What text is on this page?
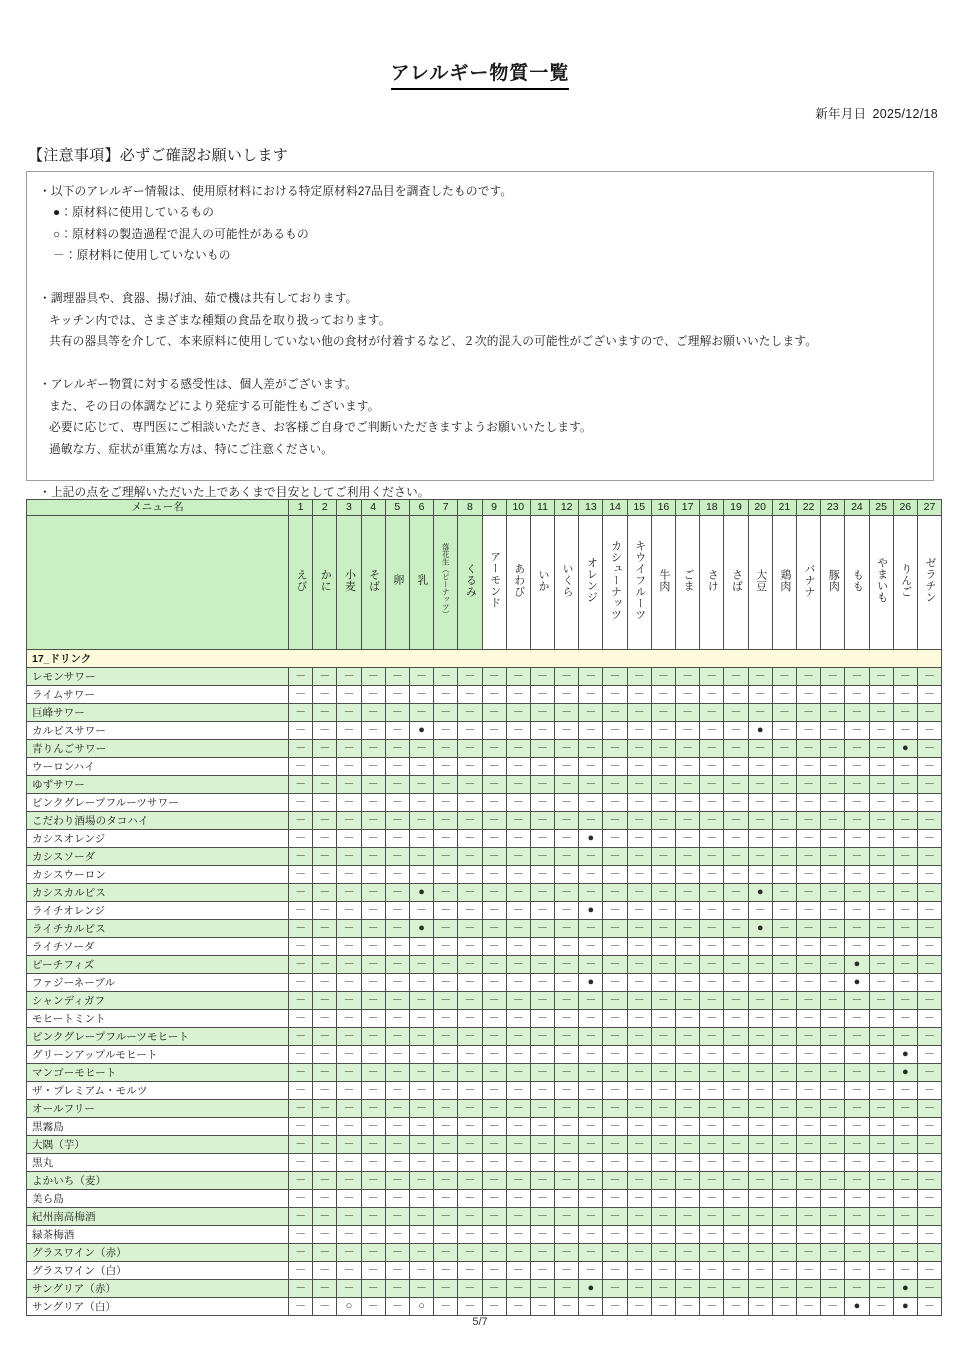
アレルギー物質一覧
新年月日 2025/12/18
【注意事項】必ずご確認お願いします
・以下のアレルギー情報は、使用原材料における特定原材料27品目を調査したものです。
●：原材料に使用しているもの
○：原材料の製造過程で混入の可能性があるもの
－：原材料に使用していないもの
・調理器具や、食器、揚げ油、茹で機は共有しております。
キッチン内では、さまざまな種類の食品を取り扱っております。
共有の器具等を介して、本来原料に使用していない他の食材が付着するなど、２次的混入の可能性がございますので、ご理解お願いいたします。
・アレルギー物質に対する感受性は、個人差がございます。
また、その日の体調などにより発症する可能性もございます。
必要に応じて、専門医にご相談いただき、お客様ご自身でご判断いただきますようお願いいたします。
過敏な方、症状が重篤な方は、特にご注意ください。
・上記の点をご理解いただいた上であくまで目安としてご利用ください。
メニュー名	1	2	3	4	5	6	7	8	9	10	11	12	13	14	15	16	17	18	19	20	21	22	23	24	25	26	27
	えび	かに	小麦	そば	卵	乳	落花生（ピーナッツ）	くるみ	アーモンド	あわび	いか	いくら	オレンジ	カシューナッツ	キウイフルーツ	牛肉	ごま	さけ	さば	大豆	鶏肉	バナナ	豚肉	もも	やまいも	りんご	ゼラチン
17_ドリンク																											
レモンサワー	－	－	－	－	－	－	－	－	－	－	－	－	－	－	－	－	－	－	－	－	－	－	－	－	－	－	－
ライムサワー	－	－	－	－	－	－	－	－	－	－	－	－	－	－	－	－	－	－	－	－	－	－	－	－	－	－	－
巨峰サワー	－	－	－	－	－	－	－	－	－	－	－	－	－	－	－	－	－	－	－	－	－	－	－	－	－	－	－
カルピスサワー	－	－	－	－	－	●	－	－	－	－	－	－	－	－	－	－	－	－	－	●	－	－	－	－	－	－	－
青りんごサワー	－	－	－	－	－	－	－	－	－	－	－	－	－	－	－	－	－	－	－	－	－	－	－	－	－	●	－
ウーロンハイ	－	－	－	－	－	－	－	－	－	－	－	－	－	－	－	－	－	－	－	－	－	－	－	－	－	－	－
ゆずサワー	－	－	－	－	－	－	－	－	－	－	－	－	－	－	－	－	－	－	－	－	－	－	－	－	－	－	－
ピンクグレープフルーツサワー	－	－	－	－	－	－	－	－	－	－	－	－	－	－	－	－	－	－	－	－	－	－	－	－	－	－	－
こだわり酒場のタコハイ	－	－	－	－	－	－	－	－	－	－	－	－	－	－	－	－	－	－	－	－	－	－	－	－	－	－	－
カシスオレンジ	－	－	－	－	－	－	－	－	－	－	－	－	●	－	－	－	－	－	－	－	－	－	－	－	－	－	－
カシスソーダ	－	－	－	－	－	－	－	－	－	－	－	－	－	－	－	－	－	－	－	－	－	－	－	－	－	－	－
カシスウーロン	－	－	－	－	－	－	－	－	－	－	－	－	－	－	－	－	－	－	－	－	－	－	－	－	－	－	－
カシスカルピス	－	－	－	－	－	●	－	－	－	－	－	－	－	－	－	－	－	－	－	●	－	－	－	－	－	－	－
ライチオレンジ	－	－	－	－	－	－	－	－	－	－	－	－	●	－	－	－	－	－	－	－	－	－	－	－	－	－	－
ライチカルピス	－	－	－	－	－	●	－	－	－	－	－	－	－	－	－	－	－	－	－	●	－	－	－	－	－	－	－
ライチソーダ	－	－	－	－	－	－	－	－	－	－	－	－	－	－	－	－	－	－	－	－	－	－	－	－	－	－	－
ピーチフィズ	－	－	－	－	－	－	－	－	－	－	－	－	－	－	－	－	－	－	－	－	－	－	－	●	－	－	－
ファジーネーブル	－	－	－	－	－	－	－	－	－	－	－	－	●	－	－	－	－	－	－	－	－	－	－	●	－	－	－
シャンディガフ	－	－	－	－	－	－	－	－	－	－	－	－	－	－	－	－	－	－	－	－	－	－	－	－	－	－	－
モヒートミント	－	－	－	－	－	－	－	－	－	－	－	－	－	－	－	－	－	－	－	－	－	－	－	－	－	－	－
ピンクグレープフルーツモヒート	－	－	－	－	－	－	－	－	－	－	－	－	－	－	－	－	－	－	－	－	－	－	－	－	－	－	－
グリーンアップルモヒート	－	－	－	－	－	－	－	－	－	－	－	－	－	－	－	－	－	－	－	－	－	－	－	－	－	●	－
マンゴーモヒート	－	－	－	－	－	－	－	－	－	－	－	－	－	－	－	－	－	－	－	－	－	－	－	－	－	●	－
ザ・プレミアム・モルツ	－	－	－	－	－	－	－	－	－	－	－	－	－	－	－	－	－	－	－	－	－	－	－	－	－	－	－
オールフリー	－	－	－	－	－	－	－	－	－	－	－	－	－	－	－	－	－	－	－	－	－	－	－	－	－	－	－
黒霧島	－	－	－	－	－	－	－	－	－	－	－	－	－	－	－	－	－	－	－	－	－	－	－	－	－	－	－
大隅（芋）	－	－	－	－	－	－	－	－	－	－	－	－	－	－	－	－	－	－	－	－	－	－	－	－	－	－	－
黒丸	－	－	－	－	－	－	－	－	－	－	－	－	－	－	－	－	－	－	－	－	－	－	－	－	－	－	－
よかいち（麦）	－	－	－	－	－	－	－	－	－	－	－	－	－	－	－	－	－	－	－	－	－	－	－	－	－	－	－
美ら島	－	－	－	－	－	－	－	－	－	－	－	－	－	－	－	－	－	－	－	－	－	－	－	－	－	－	－
紀州南高梅酒	－	－	－	－	－	－	－	－	－	－	－	－	－	－	－	－	－	－	－	－	－	－	－	－	－	－	－
緑茶梅酒	－	－	－	－	－	－	－	－	－	－	－	－	－	－	－	－	－	－	－	－	－	－	－	－	－	－	－
グラスワイン（赤）	－	－	－	－	－	－	－	－	－	－	－	－	－	－	－	－	－	－	－	－	－	－	－	－	－	－	－
グラスワイン（白）	－	－	－	－	－	－	－	－	－	－	－	－	－	－	－	－	－	－	－	－	－	－	－	－	－	－	－
サングリア（赤）	－	－	－	－	－	－	－	－	－	－	－	－	●	－	－	－	－	－	－	－	－	－	－	－	－	●	－
サングリア（白）	－	－	○	－	－	○	－	－	－	－	－	－	－	－	－	－	－	－	－	－	－	－	－	●	－	●	－
5/7
